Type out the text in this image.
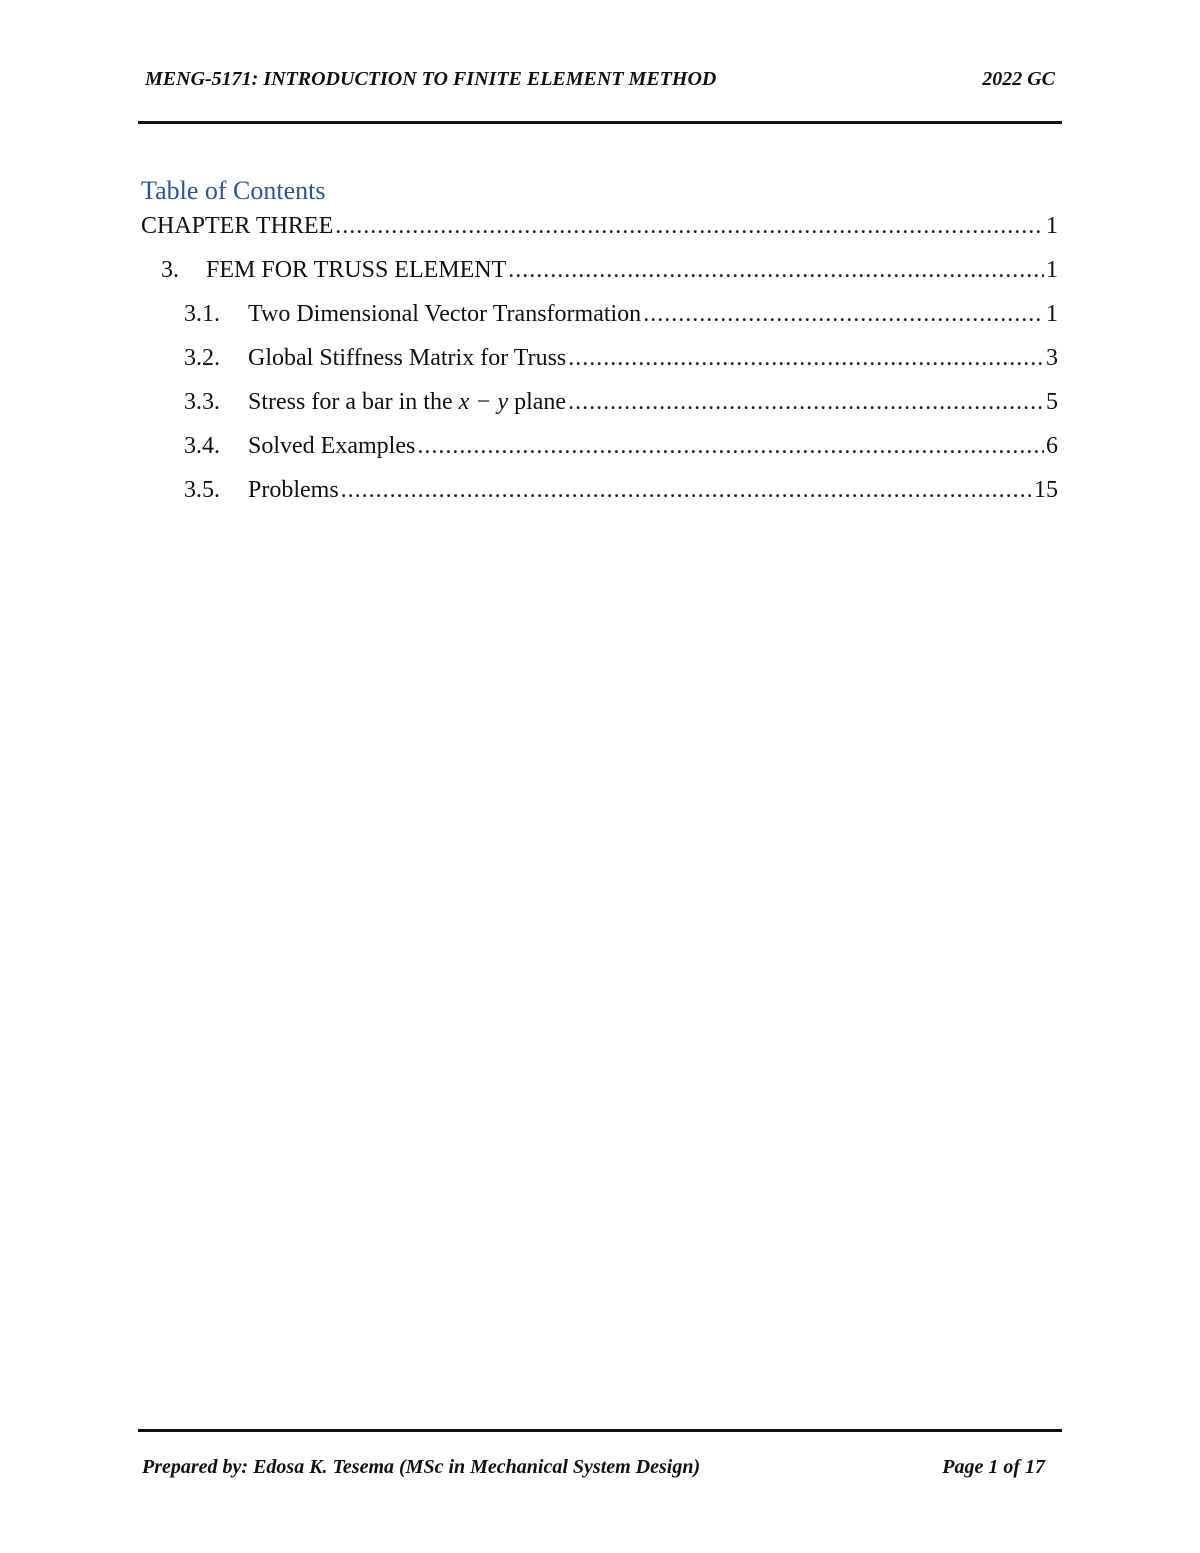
MENG-5171: INTRODUCTION TO FINITE ELEMENT METHOD	2022 GC
Table of Contents
CHAPTER THREE .....	1
3.	FEM FOR TRUSS ELEMENT .....	1
3.1.	Two Dimensional Vector Transformation .....	1
3.2.	Global Stiffness Matrix for Truss .....	3
3.3.	Stress for a bar in the x − y plane .....	5
3.4.	Solved Examples .....	6
3.5.	Problems .....	15
Prepared by: Edosa K. Tesema (MSc in Mechanical System Design)	Page 1 of 17
